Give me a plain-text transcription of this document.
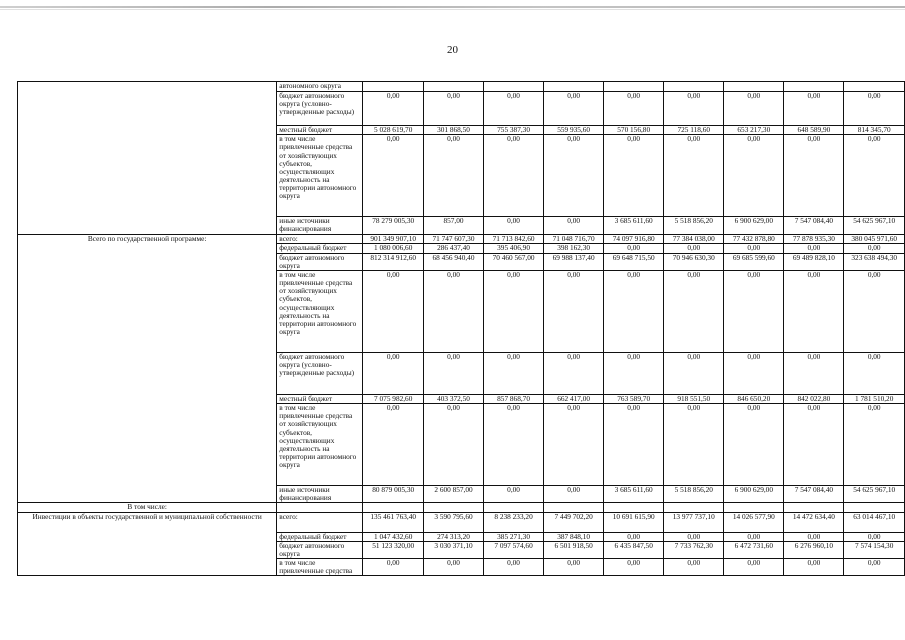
20
	автономного округа									
	бюджет автономного округа (условно-утвержденные расходы)	0,00	0,00	0,00	0,00	0,00	0,00	0,00	0,00	0,00
	местный бюджет	5 028 619,70	301 868,50	755 387,30	559 935,60	570 156,80	725 118,60	653 217,30	648 589,90	814 345,70
	в том числе привлеченные средства от хозяйствующих субъектов, осуществляющих деятельность на территории автономного округа	0,00	0,00	0,00	0,00	0,00	0,00	0,00	0,00	0,00
	иные источники финансирования	78 279 005,30	857,00	0,00	0,00	3 685 611,60	5 518 856,20	6 900 629,00	7 547 084,40	54 625 967,10
Всего по государственной программе:	всего:	901 349 907,10	71 747 607,30	71 713 842,60	71 048 716,70	74 097 916,80	77 384 038,00	77 432 878,80	77 878 935,30	380 045 971,60
	федеральный бюджет	1 080 006,60	286 437,40	395 406,90	398 162,30	0,00	0,00	0,00	0,00	0,00
	бюджет автономного округа	812 314 912,60	68 456 940,40	70 460 567,00	69 988 137,40	69 648 715,50	70 946 630,30	69 685 599,60	69 489 828,10	323 638 494,30
	в том числе привлеченные средства от хозяйствующих субъектов, осуществляющих деятельность на территории автономного округа	0,00	0,00	0,00	0,00	0,00	0,00	0,00	0,00	0,00
	бюджет автономного округа (условно-утвержденные расходы)	0,00	0,00	0,00	0,00	0,00	0,00	0,00	0,00	0,00
	местный бюджет	7 075 982,60	403 372,50	857 868,70	662 417,00	763 589,70	918 551,50	846 650,20	842 022,80	1 781 510,20
	в том числе привлеченные средства от хозяйствующих субъектов, осуществляющих деятельность на территории автономного округа	0,00	0,00	0,00	0,00	0,00	0,00	0,00	0,00	0,00
	иные источники финансирования	80 879 005,30	2 600 857,00	0,00	0,00	3 685 611,60	5 518 856,20	6 900 629,00	7 547 084,40	54 625 967,10
В том числе:										
Инвестиции в объекты государственной и муниципальной собственности	всего:	135 461 763,40	3 590 795,60	8 238 233,20	7 449 702,20	10 691 615,90	13 977 737,10	14 026 577,90	14 472 634,40	63 014 467,10
	федеральный бюджет	1 047 432,60	274 313,20	385 271,30	387 848,10	0,00	0,00	0,00	0,00	0,00
	бюджет автономного округа	51 123 320,00	3 030 371,10	7 097 574,60	6 501 918,50	6 435 847,50	7 733 762,30	6 472 731,60	6 276 960,10	7 574 154,30
	в том числе привлеченные средства	0,00	0,00	0,00	0,00	0,00	0,00	0,00	0,00	0,00
